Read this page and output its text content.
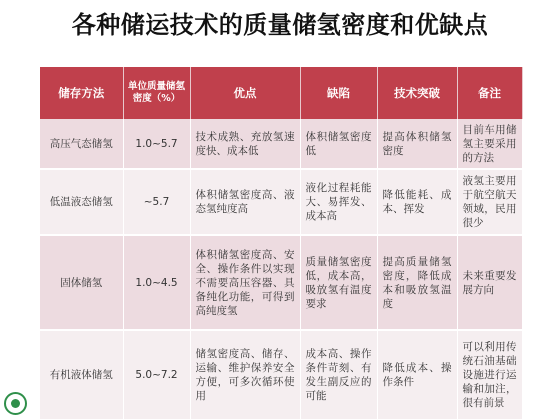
各种储运技术的质量储氢密度和优缺点
储存方法	单位质量储氢密度（%）	优点	缺陷	技术突破	备注
高压气态储氢	1.0~5.7	技术成熟、充放氢速度快、成本低	体积储氢密度低	提高体积储氢密度	目前车用储氢主要采用的方法
低温液态储氢	~5.7	体积储氢密度高、液态氢纯度高	液化过程耗能大、易挥发、成本高	降低能耗、成本、挥发	液氢主要用于航空航天领域，民用很少
固体储氢	1.0~4.5	体积储氢密度高、安全、操作条件以实现不需要高压容器、具备纯化功能，可得到高纯度氢	质量储氢密度低，成本高，吸放氢有温度要求	提高质量储氢密度，降低成本和吸放氢温度	未来重要发展方向
有机液体储氢	5.0~7.2	储氢密度高、储存、运输、维护保养安全方便，可多次循环使用	成本高、操作条件苛刻、有发生副反应的可能	降低成本、操作条件	可以利用传统石油基础设施进行运输和加注，很有前景
